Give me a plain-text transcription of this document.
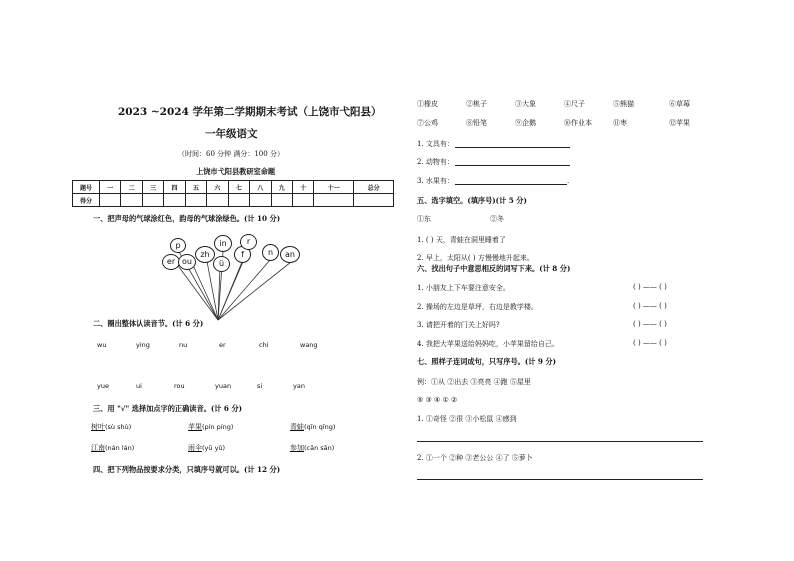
2023 ~2024 学年第二学期期末考试（上饶市弋阳县）
一年级语文
（时间：60 分钟 满分：100 分）
上饶市弋阳县教研室命题
题号	一	二	三	四	五	六	七	八	九	十	十一	总分
得分												
一、把声母的气球涂红色，韵母的气球涂绿色。(计 10 分)
p
er ou
zh
ü
in
f
r
n	an
二、圈出整体认读音节。(计 6 分)
wu	ying	nu	er	chi	wang
yue	ui	rou	yuan	si	yan
三、用 "√" 选择加点字的正确读音。(计 6 分)
树叶(sù shù)	苹果(pín píng)	青蛙(qīn qīng)
江南(nán lán)	雨伞(yū yǔ)	参加(cān sān)
四、把下列物品按要求分类，只填序号就可以。(计 12 分)
①橡皮	②桃子	③大象	④尺子	⑤熊猫	⑥草莓
⑦公鸡	⑧铅笔	⑨企鹅	⑩作业本	⑪枣	⑫苹果
1. 文具有：
2. 动物有：
3. 水果有：	.
五、选字填空。(填序号)(计 5 分)
①东	②冬
1. ( ) 天，青蛙在洞里睡着了
2. 早上，太阳从( ) 方慢慢地升起来。
六、找出句子中意思相反的词写下来。(计 8 分)
1. 小朋友上下车要注意安全。	( ) —— ( )
2. 操场的左边是草坪，右边是教学楼。	( ) —— ( )
3. 请把开着的门关上好吗?	( ) —— ( )
4. 我把大苹果送给妈妈吃，小苹果留给自己。	( ) —— ( )
七、照样子连词成句，只写序号。(计 9 分)
例：①从 ②出去 ③亮亮 ④跑 ⑤屋里
⑤ ③ ④ ① ②
1. ①奇怪 ②很 ③小松鼠 ④感到
2. ①一个 ②种 ③老公公 ④了 ⑤萝卜
